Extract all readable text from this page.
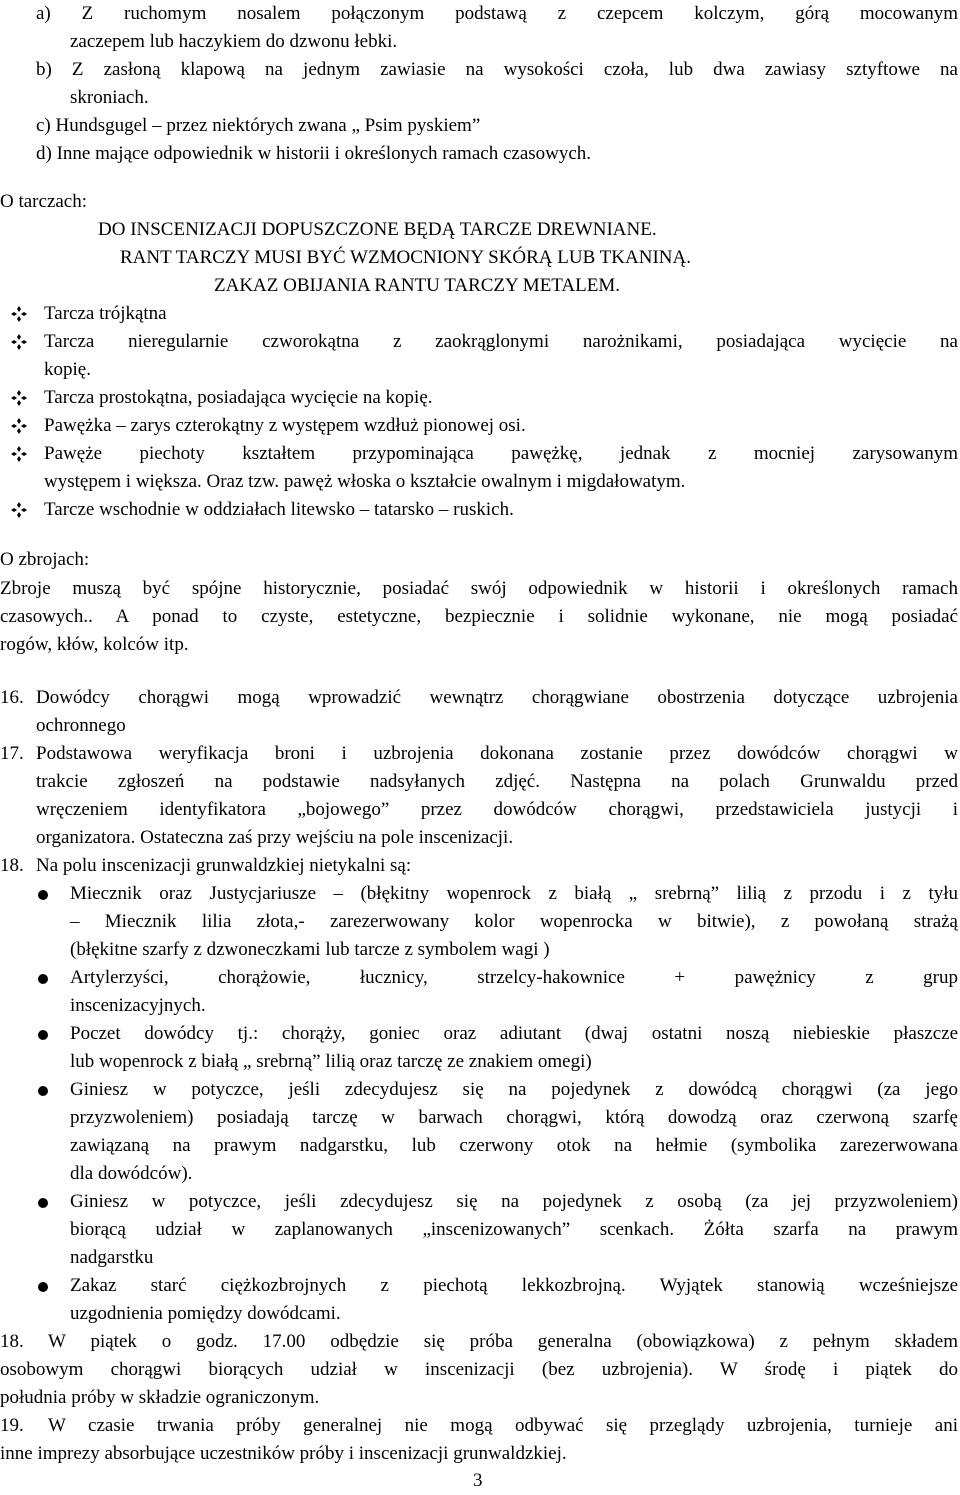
a) Z ruchomym nosalem połączonym podstawą z czepcem kolczym, górą mocowanym
zaczepem lub haczykiem do dzwonu łebki.
b) Z zasłoną klapową na jednym zawiasie na wysokości czoła, lub dwa zawiasy sztyftowe na
skroniach.
c) Hundsgugel – przez niektórych zwana „ Psim pyskiem”
d) Inne mające odpowiednik w historii i określonych ramach czasowych.
O tarczach:
DO INSCENIZACJI DOPUSZCZONE BĘDĄ TARCZE DREWNIANE.
RANT TARCZY MUSI BYĆ WZMOCNIONY SKÓRĄ LUB TKANINĄ.
ZAKAZ OBIJANIA RANTU TARCZY METALEM.
Tarcza trójkątna
Tarcza nieregularnie czworokątna z zaokrąglonymi narożnikami, posiadająca wycięcie na
kopię.
Tarcza prostokątna, posiadająca wycięcie na kopię.
Pawężka – zarys czterokątny z występem wzdłuż pionowej osi.
Pawęże piechoty kształtem przypominająca pawężkę, jednak z mocniej zarysowanym
występem i większa. Oraz tzw. pawęż włoska o kształcie owalnym i migdałowatym.
Tarcze wschodnie w oddziałach litewsko – tatarsko – ruskich.
O zbrojach:
Zbroje muszą być spójne historycznie, posiadać swój odpowiednik w historii i określonych ramach
czasowych.. A ponad to czyste, estetyczne, bezpiecznie i solidnie wykonane, nie mogą posiadać
rogów, kłów, kolców itp.
16. Dowódcy chorągwi mogą wprowadzić wewnątrz chorągwiane obostrzenia dotyczące uzbrojenia
ochronnego
17. Podstawowa weryfikacja broni i uzbrojenia dokonana zostanie przez dowódców chorągwi w
trakcie zgłoszeń na podstawie nadsyłanych zdjęć. Następna na polach Grunwaldu przed
wręczeniem identyfikatora „bojowego” przez dowódców chorągwi, przedstawiciela justycji i
organizatora. Ostateczna zaś przy wejściu na pole inscenizacji.
18. Na polu inscenizacji grunwaldzkiej nietykalni są:
Miecznik oraz Justycjariusze – (błękitny wopenrock z białą „ srebrną” lilią z przodu i z tyłu
– Miecznik lilia złota,- zarezerwowany kolor wopenrocka w bitwie), z powołaną strażą
(błękitne szarfy z dzwoneczkami lub tarcze z symbolem wagi )
Artylerzyści, chorążowie, łucznicy, strzelcy-hakownice + pawężnicy z grup
inscenizacyjnych.
Poczet dowódcy tj.: chorąży, goniec oraz adiutant (dwaj ostatni noszą niebieskie płaszcze
lub wopenrock z białą „ srebrną” lilią oraz tarczę ze znakiem omegi)
Giniesz w potyczce, jeśli zdecydujesz się na pojedynek z dowódcą chorągwi (za jego
przyzwoleniem) posiadają tarczę w barwach chorągwi, którą dowodzą oraz czerwoną szarfę
zawiązaną na prawym nadgarstku, lub czerwony otok na hełmie (symbolika zarezerwowana
dla dowódców).
Giniesz w potyczce, jeśli zdecydujesz się na pojedynek z osobą (za jej przyzwoleniem)
biorącą udział w zaplanowanych „inscenizowanych” scenkach. Żółta szarfa na prawym
nadgarstku
Zakaz starć ciężkozbrojnych z piechotą lekkozbrojną. Wyjątek stanowią wcześniejsze
uzgodnienia pomiędzy dowódcami.
18. W piątek o godz. 17.00 odbędzie się próba generalna (obowiązkowa) z pełnym składem
osobowym chorągwi biorących udział w inscenizacji (bez uzbrojenia). W środę i piątek do
południa próby w składzie ograniczonym.
19. W czasie trwania próby generalnej nie mogą odbywać się przeglądy uzbrojenia, turnieje ani
inne imprezy absorbujące uczestników próby i inscenizacji grunwaldzkiej.
3
